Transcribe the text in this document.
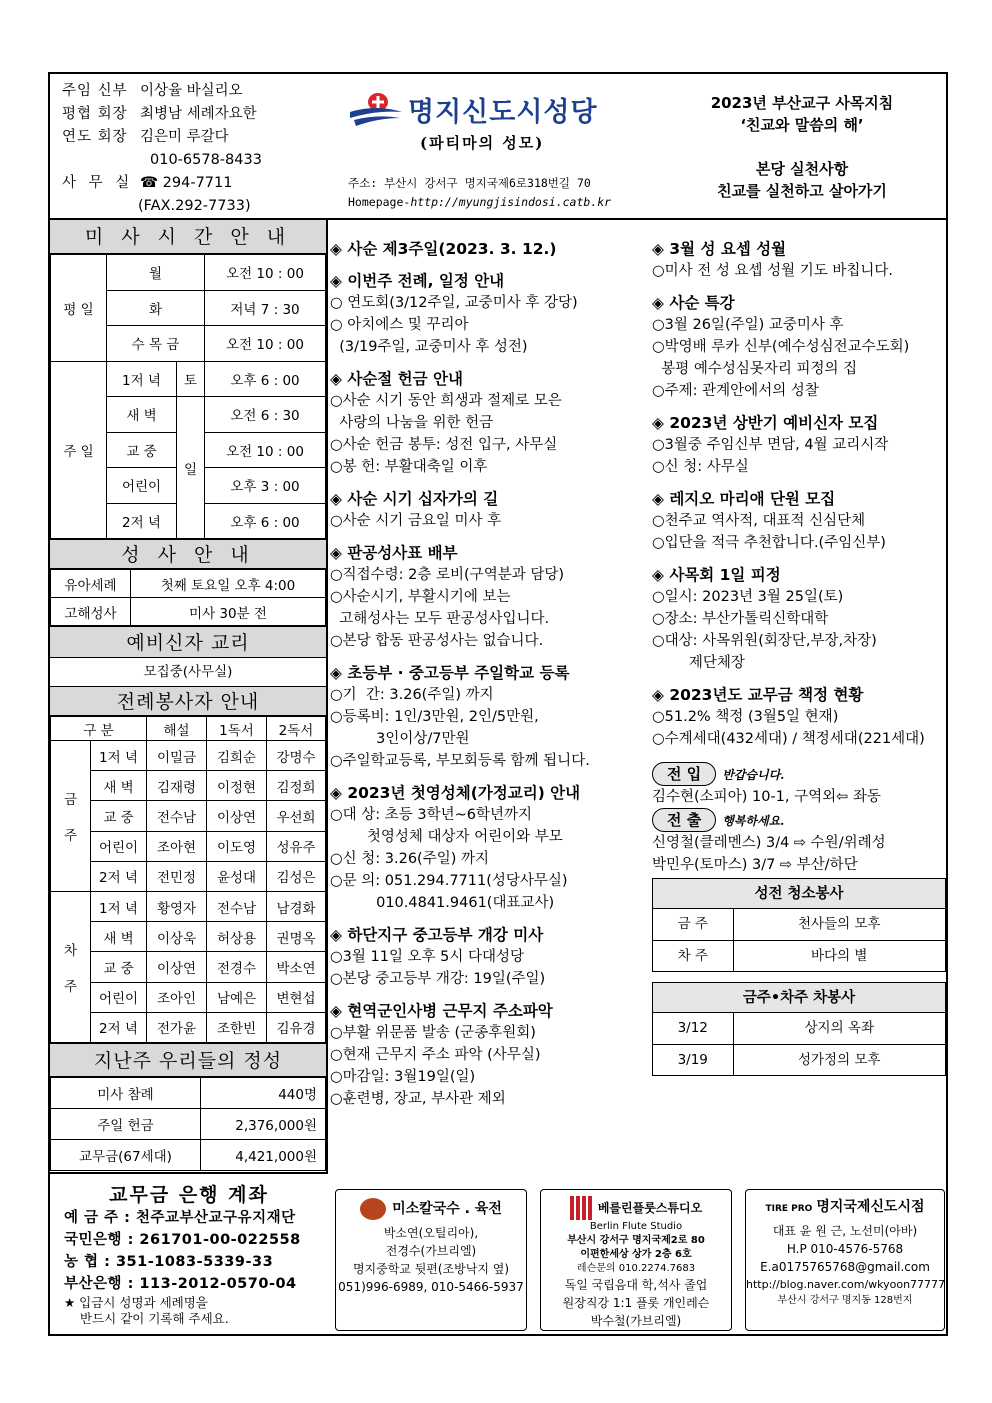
주임 신부 이상율 바실리오
평협 회장 최병남 세례자요한
연도 회장 김은미 루갈다
010-6578-8433
사 무 실 ☎ 294-7711
(FAX.292-7733)
명지신도시성당
(파티마의 성모)
주소: 부산시 강서구 명지국제6로318번길 70
Homepage-http://myungjisindosi.catb.kr
2023년 부산교구 사목지침
‘친교와 말씀의 해’
본당 실천사항
친교를 실천하고 살아가기
미 사 시 간 안 내
평 일	월		오전 10 : 00
	화		저녁 7 : 30
	수 목 금		오전 10 : 00
주 일	1저 녁	토	오후 6 : 00
	새 벽	일	오전 6 : 30
	교 중		오전 10 : 00
	어린이		오후 3 : 00
	2저 녁		오후 6 : 00
성 사 안 내
유아세례	첫째 토요일 오후 4:00
고해성사	미사 30분 전
예비신자 교리
모집중(사무실)
전례봉사자 안내
구 분		해설	1독서	2독서
금

주	1저 녁	이밀금	김희순	강명수
	새 벽	김재령	이정현	김정희
	교 중	전수남	이상연	우선희
	어린이	조아현	이도영	성유주
	2저 녁	전민정	윤성대	김성은
차

주	1저 녁	황영자	전수남	남경화
	새 벽	이상욱	허상용	권명옥
	교 중	이상연	전경수	박소연
	어린이	조아인	남예은	변현섭
	2저 녁	전가윤	조한빈	김유경
지난주 우리들의 정성
미사 참례	440명
주일 헌금	2,376,000원
교무금(67세대)	4,421,000원
교무금 은행 계좌
예 금 주 : 천주교부산교구유지재단
국민은행 : 261701-00-022558
농 협 : 351-1083-5339-33
부산은행 : 113-2012-0570-04
★ 입금시 성명과 세례명을
반드시 같이 기록해 주세요.
◈ 사순 제3주일(2023. 3. 12.)
◈ 이번주 전례, 일정 안내
○ 연도회(3/12주일, 교중미사 후 강당)
○ 아치에스 및 꾸리아
(3/19주일, 교중미사 후 성전)
◈ 사순절 헌금 안내
○사순 시기 동안 희생과 절제로 모은
사랑의 나눔을 위한 헌금
○사순 헌금 봉투: 성전 입구, 사무실
○봉 헌: 부활대축일 이후
◈ 사순 시기 십자가의 길
○사순 시기 금요일 미사 후
◈ 판공성사표 배부
○직접수령: 2층 로비(구역분과 담당)
○사순시기, 부활시기에 보는
고해성사는 모두 판공성사입니다.
○본당 합동 판공성사는 없습니다.
◈ 초등부 · 중고등부 주일학교 등록
○기  간: 3.26(주일) 까지
○등록비: 1인/3만원, 2인/5만원,
3인이상/7만원
○주일학교등록, 부모회등록 함께 됩니다.
◈ 2023년 첫영성체(가정교리) 안내
○대 상: 초등 3학년~6학년까지
첫영성체 대상자 어린이와 부모
○신 청: 3.26(주일) 까지
○문 의: 051.294.7711(성당사무실)
010.4841.9461(대표교사)
◈ 하단지구 중고등부 개강 미사
○3월 11일 오후 5시 다대성당
○본당 중고등부 개강: 19일(주일)
◈ 현역군인사병 근무지 주소파악
○부활 위문품 발송 (군종후원회)
○현재 근무지 주소 파악 (사무실)
○마감일: 3월19일(일)
○훈련병, 장교, 부사관 제외
◈ 3월 성 요셉 성월
○미사 전 성 요셉 성월 기도 바칩니다.
◈ 사순 특강
○3월 26일(주일) 교중미사 후
○박영배 루카 신부(예수성심전교수도회)
봉평 예수성심못자리 피정의 집
○주제: 관계안에서의 성찰
◈ 2023년 상반기 예비신자 모집
○3월중 주임신부 면담, 4월 교리시작
○신 청: 사무실
◈ 레지오 마리애 단원 모집
○천주교 역사적, 대표적 신심단체
○입단을 적극 추천합니다.(주임신부)
◈ 사목회 1일 피정
○일시: 2023년 3월 25일(토)
○장소: 부산가톨릭신학대학
○대상: 사목위원(회장단,부장,차장)
제단체장
◈ 2023년도 교무금 책정 현황
○51.2% 책정 (3월5일 현재)
○수계세대(432세대) / 책정세대(221세대)
전 입 반갑습니다.
김수현(소피아) 10-1, 구역외⇦ 좌동
전 출 행복하세요.
신영철(클레멘스) 3/4 ⇨ 수원/위례성
박민우(토마스) 3/7 ⇨ 부산/하단
성전 청소봉사
금 주	천사들의 모후
차 주	바다의 별
금주•차주 차봉사
3/12	상지의 옥좌
3/19	성가정의 모후
미소칼국수 . 육전
박소연(오틸리아),
전경수(가브리엘)
명지중학교 뒷편(조방낙지 옆)
051)996-6989, 010-5466-5937
베를린플룻스튜디오
Berlin Flute Studio
부산시 강서구 명지국제2로 80
이편한세상 상가 2층 6호
레슨문의 010.2274.7683
독일 국립음대 학,석사 졸업
원장직강 1:1 플롯 개인레슨
박수철(가브리엘)
TIRE PRO 명지국제신도시점
대표 윤 원 근, 노선미(아바)
H.P 010-4576-5768
E.a0175765768@gmail.com
http://blog.naver.com/wkyoon77777
부산시 강서구 명지동 128번지
